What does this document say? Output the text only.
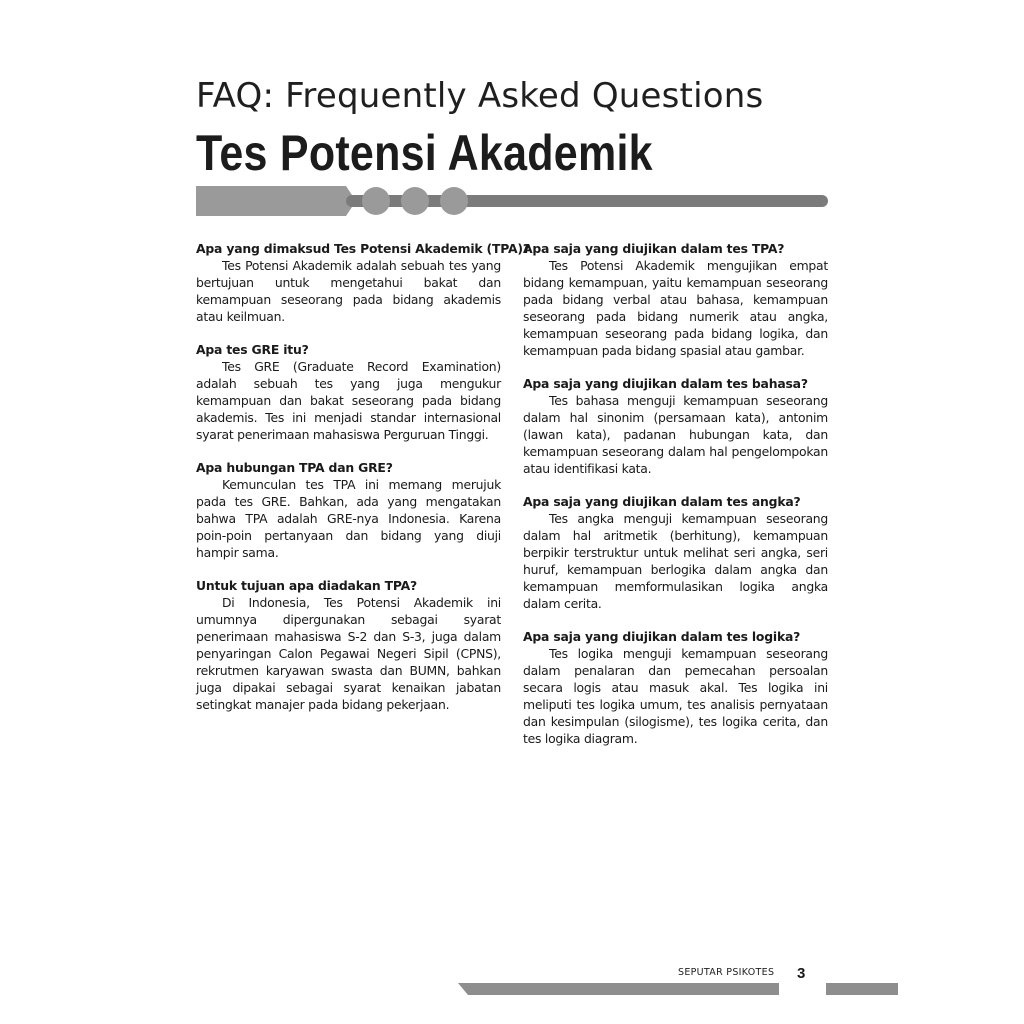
FAQ: Frequently Asked Questions
Tes Potensi Akademik

Apa yang dimaksud Tes Potensi Akademik (TPA)?

Tes Potensi Akademik adalah sebuah tes yang bertujuan untuk mengetahui bakat dan kemampuan seseorang pada bidang akademis atau keilmuan.

Apa tes GRE itu?

Tes GRE (Graduate Record Examination) adalah sebuah tes yang juga mengukur kemampuan dan bakat seseorang pada bidang akademis. Tes ini menjadi standar internasional syarat penerimaan mahasiswa Perguruan Tinggi.

Apa hubungan TPA dan GRE?

Kemunculan tes TPA ini memang merujuk pada tes GRE. Bahkan, ada yang mengatakan bahwa TPA adalah GRE-nya Indonesia. Karena poin-poin pertanyaan dan bidang yang diuji hampir sama.

Untuk tujuan apa diadakan TPA?

Di Indonesia, Tes Potensi Akademik ini umumnya dipergunakan sebagai syarat penerimaan mahasiswa S-2 dan S-3, juga dalam penyaringan Calon Pegawai Negeri Sipil (CPNS), rekrutmen karyawan swasta dan BUMN, bahkan juga dipakai sebagai syarat kenaikan jabatan setingkat manajer pada bidang pekerjaan.

Apa saja yang diujikan dalam tes TPA?

Tes Potensi Akademik mengujikan empat bidang kemampuan, yaitu kemampuan seseorang pada bidang verbal atau bahasa, kemampuan seseorang pada bidang numerik atau angka, kemampuan seseorang pada bidang logika, dan kemampuan pada bidang spasial atau gambar.

Apa saja yang diujikan dalam tes bahasa?

Tes bahasa menguji kemampuan seseorang dalam hal sinonim (persamaan kata), antonim (lawan kata), padanan hubungan kata, dan kemampuan seseorang dalam hal pengelompokan atau identifikasi kata.

Apa saja yang diujikan dalam tes angka?

Tes angka menguji kemampuan seseorang dalam hal aritmetik (berhitung), kemampuan berpikir terstruktur untuk melihat seri angka, seri huruf, kemampuan berlogika dalam angka dan kemampuan memformulasikan logika angka dalam cerita.

Apa saja yang diujikan dalam tes logika?

Tes logika menguji kemampuan seseorang dalam penalaran dan pemecahan persoalan secara logis atau masuk akal. Tes logika ini meliputi tes logika umum, tes analisis pernyataan dan kesimpulan (silogisme), tes logika cerita, dan tes logika diagram.

SEPUTAR PSIKOTES 3
